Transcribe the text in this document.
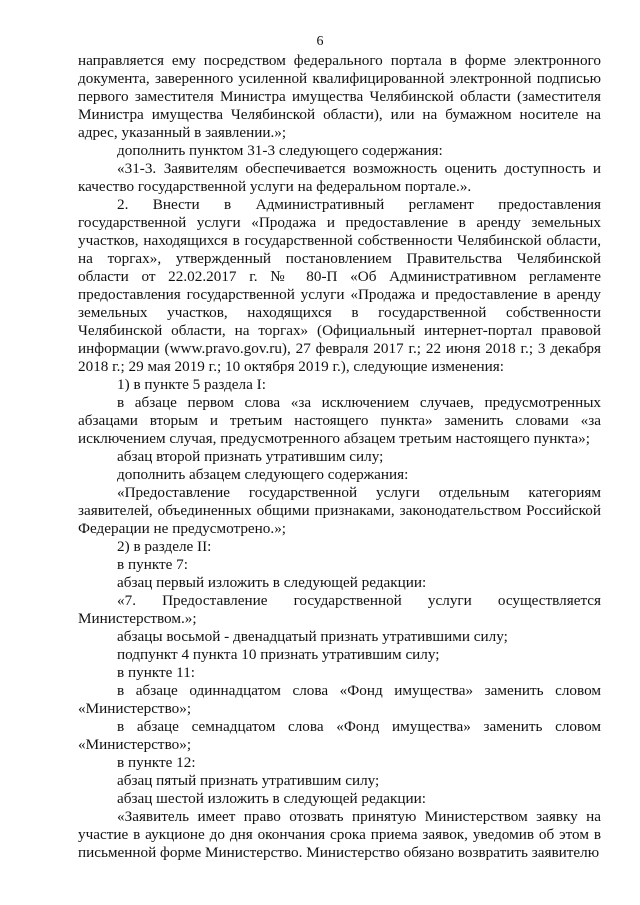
6

направляется ему посредством федерального портала в форме электронного документа, заверенного усиленной квалифицированной электронной подписью первого заместителя Министра имущества Челябинской области (заместителя Министра имущества Челябинской области), или на бумажном носителе на адрес, указанный в заявлении.»;

дополнить пунктом 31-3 следующего содержания:

«31-3. Заявителям обеспечивается возможность оценить доступность и качество государственной услуги на федеральном портале.».

2. Внести в Административный регламент предоставления государственной услуги «Продажа и предоставление в аренду земельных участков, находящихся в государственной собственности Челябинской области, на торгах», утвержденный постановлением Правительства Челябинской области от 22.02.2017 г. № 80-П «Об Административном регламенте предоставления государственной услуги «Продажа и предоставление в аренду земельных участков, находящихся в государственной собственности Челябинской области, на торгах» (Официальный интернет-портал правовой информации (www.pravo.gov.ru), 27 февраля 2017 г.; 22 июня 2018 г.; 3 декабря 2018 г.; 29 мая 2019 г.; 10 октября 2019 г.), следующие изменения:

1) в пункте 5 раздела I:

в абзаце первом слова «за исключением случаев, предусмотренных абзацами вторым и третьим настоящего пункта» заменить словами «за исключением случая, предусмотренного абзацем третьим настоящего пункта»;

абзац второй признать утратившим силу;

дополнить абзацем следующего содержания:

«Предоставление государственной услуги отдельным категориям заявителей, объединенных общими признаками, законодательством Российской Федерации не предусмотрено.»;

2) в разделе II:

в пункте 7:

абзац первый изложить в следующей редакции:

«7. Предоставление государственной услуги осуществляется Министерством.»;

абзацы восьмой - двенадцатый признать утратившими силу;

подпункт 4 пункта 10 признать утратившим силу;

в пункте 11:

в абзаце одиннадцатом слова «Фонд имущества» заменить словом «Министерство»;

в абзаце семнадцатом слова «Фонд имущества» заменить словом «Министерство»;

в пункте 12:

абзац пятый признать утратившим силу;

абзац шестой изложить в следующей редакции:

«Заявитель имеет право отозвать принятую Министерством заявку на участие в аукционе до дня окончания срока приема заявок, уведомив об этом в письменной форме Министерство. Министерство обязано возвратить заявителю
